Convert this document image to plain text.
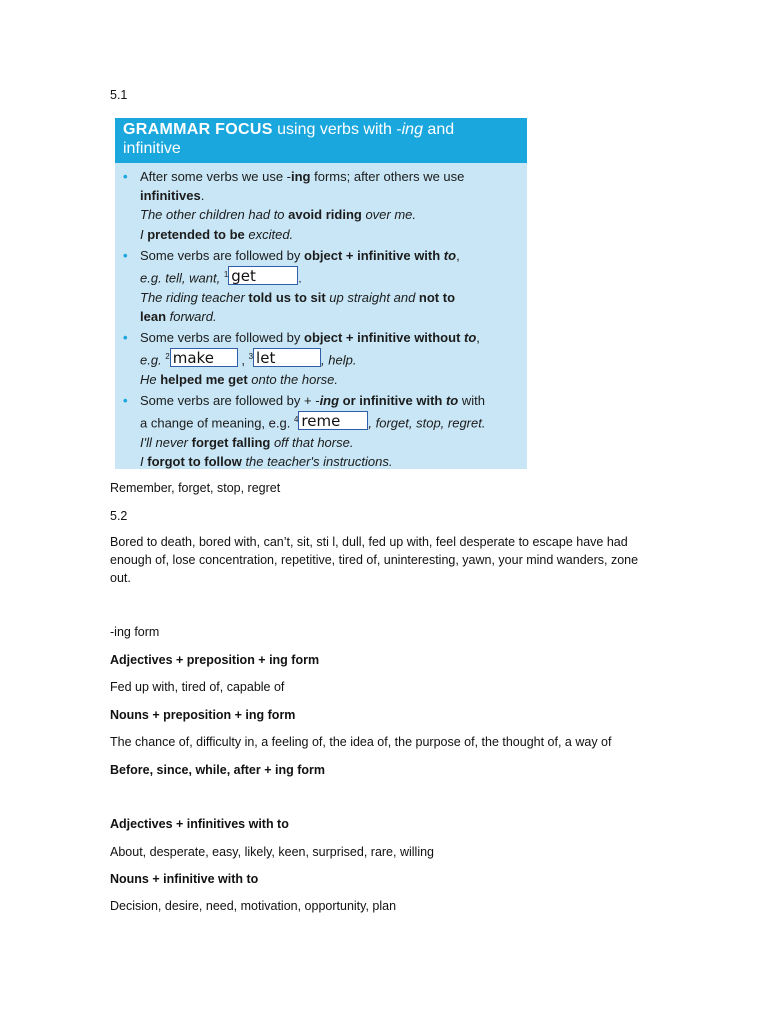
5.1

GRAMMAR FOCUS using verbs with -ing and
infinitive
• After some verbs we use -ing forms; after others we use
infinitives.
The other children had to avoid riding over me.
I pretended to be excited.
• Some verbs are followed by object + infinitive with to,
e.g. tell, want, $^1$ get	.
The riding teacher told us to sit up straight and not to
lean forward.
• Some verbs are followed by object + infinitive without to,
e.g. $^2$ make , $^3$ let	, help.
He helped me get onto the horse.
• Some verbs are followed by + -ing or infinitive with to with
a change of meaning, e.g. $^4$ reme , forget, stop, regret.
I'll never forget falling off that horse.
I forgot to follow the teacher's instructions.

Remember, forget, stop, regret

5.2

Bored to death, bored with, can’t, sit, sti l, dull, fed up with, feel desperate to escape have had enough of, lose concentration, repetitive, tired of, uninteresting, yawn, your mind wanders, zone out.

-ing form

Adjectives + preposition + ing form

Fed up with, tired of, capable of

Nouns + preposition + ing form

The chance of, difficulty in, a feeling of, the idea of, the purpose of, the thought of, a way of

Before, since, while, after + ing form

Adjectives + infinitives with to

About, desperate, easy, likely, keen, surprised, rare, willing

Nouns + infinitive with to

Decision, desire, need, motivation, opportunity, plan
